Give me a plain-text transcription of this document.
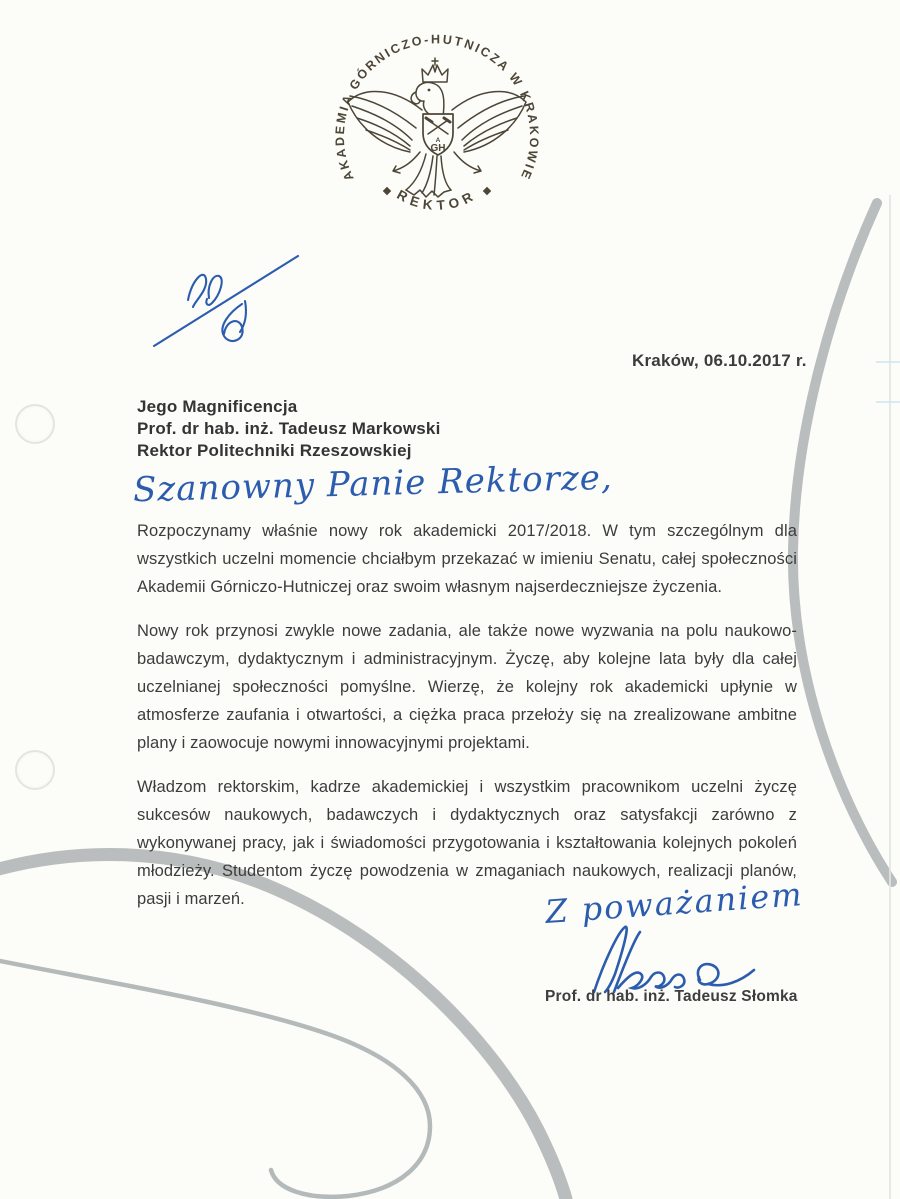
AKADEMIA GÓRNICZO-HUTNICZA W KRAKOWIE
REKTOR
A
GH
Kraków, 06.10.2017 r.
Jego Magnificencja
Prof. dr hab. inż. Tadeusz Markowski
Rektor Politechniki Rzeszowskiej
Szanowny Panie Rektorze,

Rozpoczynamy właśnie nowy rok akademicki 2017/2018. W tym szczególnym dla wszystkich uczelni momencie chciałbym przekazać w imieniu Senatu, całej społeczności Akademii Górniczo-Hutniczej oraz swoim własnym najserdeczniejsze życzenia.

Nowy rok przynosi zwykle nowe zadania, ale także nowe wyzwania na polu naukowo-badawczym, dydaktycznym i administracyjnym. Życzę, aby kolejne lata były dla całej uczelnianej społeczności pomyślne. Wierzę, że kolejny rok akademicki upłynie w atmosferze zaufania i otwartości, a ciężka praca przełoży się na zrealizowane ambitne plany i zaowocuje nowymi innowacyjnymi projektami.

Władzom rektorskim, kadrze akademickiej i wszystkim pracownikom uczelni życzę sukcesów naukowych, badawczych i dydaktycznych oraz satysfakcji zarówno z wykonywanej pracy, jak i świadomości przygotowania i kształtowania kolejnych pokoleń młodzieży. Studentom życzę powodzenia w zmaganiach naukowych, realizacji planów, pasji i marzeń.	Z poważaniem
Prof. dr hab. inż. Tadeusz Słomka
